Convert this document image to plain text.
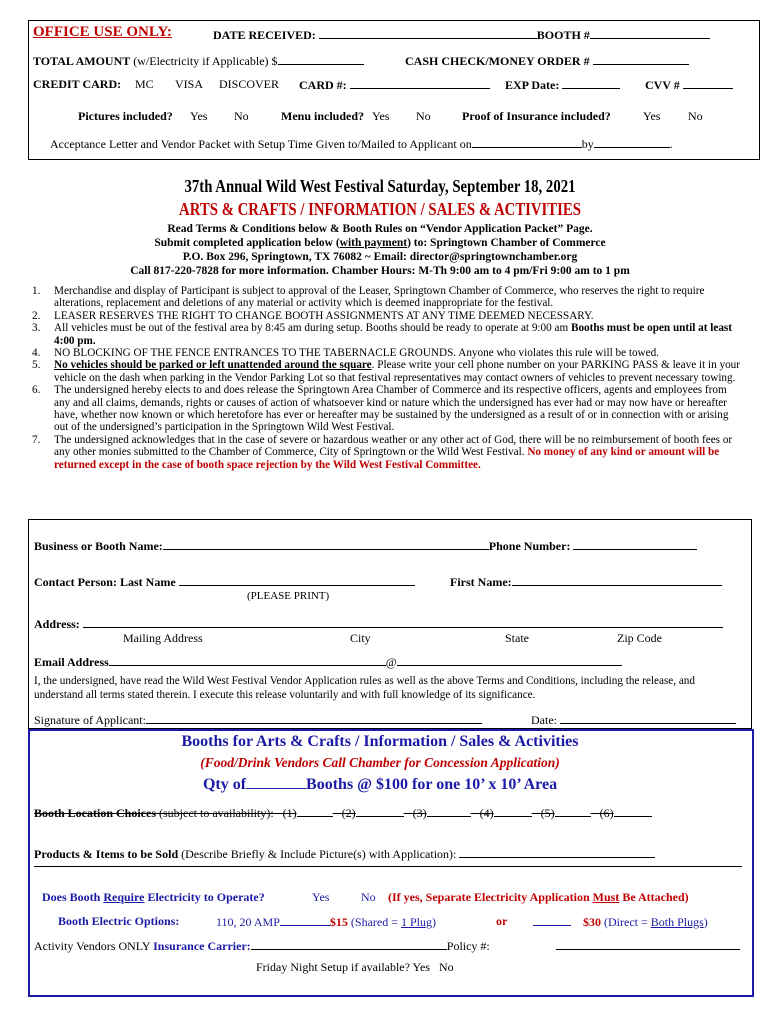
OFFICE USE ONLY:	DATE RECEIVED:	BOOTH #
TOTAL AMOUNT (w/Electricity if Applicable) $	CASH CHECK/MONEY ORDER #
CREDIT CARD: MC VISA DISCOVER CARD #:	EXP Date:	CVV #
Pictures included? Yes No	Menu included? Yes No	Proof of Insurance included?	Yes No
Acceptance Letter and Vendor Packet with Setup Time Given to/Mailed to Applicant on	by	.
37th Annual Wild West Festival Saturday, September 18, 2021
ARTS & CRAFTS / INFORMATION / SALES & ACTIVITIES
Read Terms & Conditions below & Booth Rules on “Vendor Application Packet” Page.
Submit completed application below (with payment) to: Springtown Chamber of Commerce
P.O. Box 296, Springtown, TX 76082 ~ Email: director@springtownchamber.org
Call 817-220-7828 for more information. Chamber Hours: M-Th 9:00 am to 4 pm/Fri 9:00 am to 1 pm
1. Merchandise and display of Participant is subject to approval of the Leaser, Springtown Chamber of Commerce, who reserves the right to require alterations, replacement and deletions of any material or activity which is deemed inappropriate for the festival.
2. LEASER RESERVES THE RIGHT TO CHANGE BOOTH ASSIGNMENTS AT ANY TIME DEEMED NECESSARY.
3. All vehicles must be out of the festival area by 8:45 am during setup. Booths should be ready to operate at 9:00 am Booths must be open until at least 4:00 pm.
4. NO BLOCKING OF THE FENCE ENTRANCES TO THE TABERNACLE GROUNDS. Anyone who violates this rule will be towed.
5. No vehicles should be parked or left unattended around the square. Please write your cell phone number on your PARKING PASS & leave it in your vehicle on the dash when parking in the Vendor Parking Lot so that festival representatives may contact owners of vehicles to prevent necessary towing.
6. The undersigned hereby elects to and does release the Springtown Area Chamber of Commerce and its respective officers, agents and employees from any and all claims, demands, rights or causes of action of whatsoever kind or nature which the undersigned has ever had or may now have or hereafter have, whether now known or which heretofore has ever or hereafter may be sustained by the undersigned as a result of or in connection with or arising out of the undersigned’s participation in the Springtown Wild West Festival.
7. The undersigned acknowledges that in the case of severe or hazardous weather or any other act of God, there will be no reimbursement of booth fees or any other monies submitted to the Chamber of Commerce, City of Springtown or the Wild West Festival. No money of any kind or amount will be returned except in the case of booth space rejection by the Wild West Festival Committee.
Business or Booth Name:	Phone Number:
Contact Person: Last Name	First Name:
(PLEASE PRINT)
Address:
Mailing Address	City	State	Zip Code
Email Address	@
I, the undersigned, have read the Wild West Festival Vendor Application rules as well as the above Terms and Conditions, including the release, and understand all terms stated therein. I execute this release voluntarily and with full knowledge of its significance.
Signature of Applicant:	Date:
Booths for Arts & Crafts / Information / Sales & Activities
(Food/Drink Vendors Call Chamber for Concession Application)
Qty of	Booths @ $100 for one 10’ x 10’ Area
Booth Location Choices (subject to availability): (1)	(2)	(3)	(4)	(5)	(6)
Products & Items to be Sold (Describe Briefly & Include Picture(s) with Application):
Does Booth Require Electricity to Operate?	Yes	No (If yes, Separate Electricity Application Must Be Attached)
Booth Electric Options:	110, 20 AMP	$15 (Shared = 1 Plug)	or	$30 (Direct = Both Plugs)
Activity Vendors ONLY Insurance Carrier:	Policy #:
Friday Night Setup if available? Yes No
